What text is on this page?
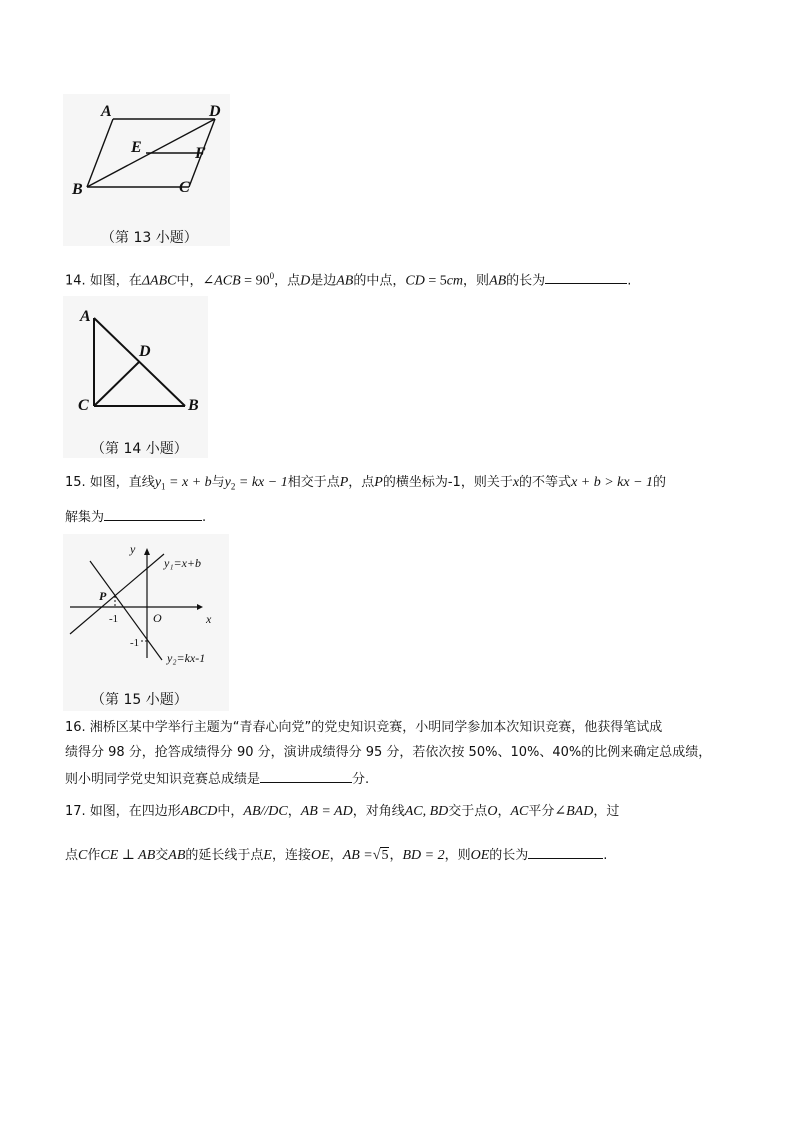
A	D
E	F
B	C
（第 13 小题）
14. 如图，在ΔABC中，∠ACB = $90^0$，点D是边AB的中点，CD = 5cm，则AB的长为	.
A
D
C	B
（第 14 小题）
15. 如图，直线$y_1 = x + b$与$y_2$ = kx − 1相交于点P，点P的横坐标为-1，则关于x的不等式x + b > kx − 1的
解集为	.
y₁=x+b
y
x
P
O
-1
-1
y₂=kx-1
（第 15 小题）
16. 湘桥区某中学举行主题为“青春心向党”的党史知识竞赛，小明同学参加本次知识竞赛，他获得笔试成
绩得分 98 分，抢答成绩得分 90 分，演讲成绩得分 95 分，若依次按 50%、10%、40%的比例来确定总成绩，
则小明同学党史知识竞赛总成绩是	分.
17. 如图，在四边形ABCD中，AB//DC，AB = AD，对角线AC, BD交于点O，AC平分∠BAD，过
点C作CE ⊥ AB交AB的延长线于点E，连接OE，AB =√5，BD = 2，则OE的长为	.
